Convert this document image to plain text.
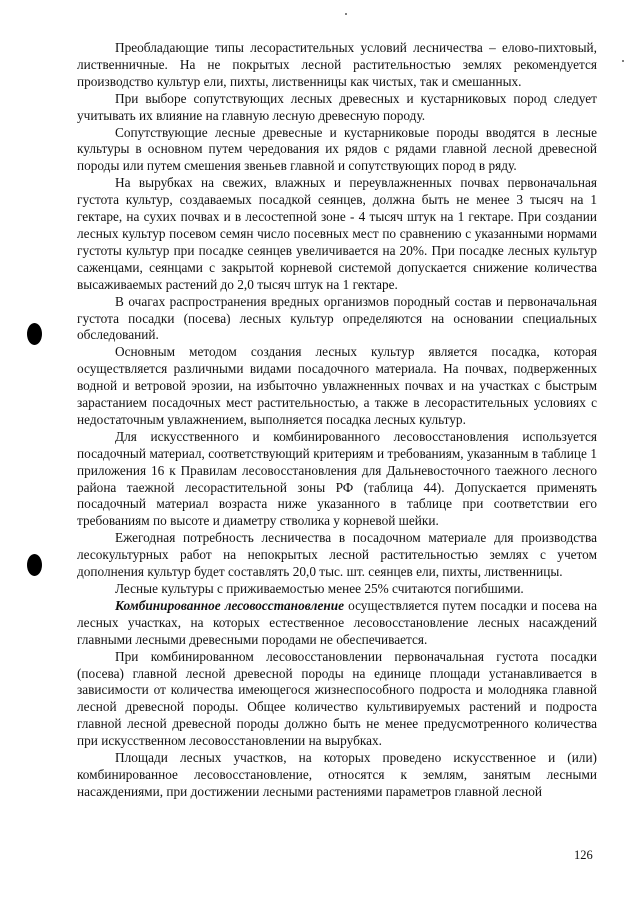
Преобладающие типы лесорастительных условий лесничества – елово-пихтовый, лиственничные. На не покрытых лесной растительностью землях рекомендуется производство культур ели, пихты, лиственницы как чистых, так и смешанных.

При выборе сопутствующих лесных древесных и кустарниковых пород следует учитывать их влияние на главную лесную древесную породу.

Сопутствующие лесные древесные и кустарниковые породы вводятся в лесные культуры в основном путем чередования их рядов с рядами главной лесной древесной породы или путем смешения звеньев главной и сопутствующих пород в ряду.

На вырубках на свежих, влажных и переувлажненных почвах первоначальная густота культур, создаваемых посадкой сеянцев, должна быть не менее 3 тысяч на 1 гектаре, на сухих почвах и в лесостепной зоне - 4 тысяч штук на 1 гектаре. При создании лесных культур посевом семян число посевных мест по сравнению с указанными нормами густоты культур при посадке сеянцев увеличивается на 20%. При посадке лесных культур саженцами, сеянцами с закрытой корневой системой допускается снижение количества высаживаемых растений до 2,0 тысяч штук на 1 гектаре.

В очагах распространения вредных организмов породный состав и первоначальная густота посадки (посева) лесных культур определяются на основании специальных обследований.

Основным методом создания лесных культур является посадка, которая осуществляется различными видами посадочного материала. На почвах, подверженных водной и ветровой эрозии, на избыточно увлажненных почвах и на участках с быстрым зарастанием посадочных мест растительностью, а также в лесорастительных условиях с недостаточным увлажнением, выполняется посадка лесных культур.

Для искусственного и комбинированного лесовосстановления используется посадочный материал, соответствующий критериям и требованиям, указанным в таблице 1 приложения 16 к Правилам лесовосстановления для Дальневосточного таежного лесного района таежной лесорастительной зоны РФ (таблица 44). Допускается применять посадочный материал возраста ниже указанного в таблице при соответствии его требованиям по высоте и диаметру стволика у корневой шейки.

Ежегодная потребность лесничества в посадочном материале для производства лесокультурных работ на непокрытых лесной растительностью землях с учетом дополнения культур будет составлять 20,0 тыс. шт. сеянцев ели, пихты, лиственницы.

Лесные культуры с приживаемостью менее 25% считаются погибшими.

Комбинированное лесовосстановление осуществляется путем посадки и посева на лесных участках, на которых естественное лесовосстановление лесных насаждений главными лесными древесными породами не обеспечивается.

При комбинированном лесовосстановлении первоначальная густота посадки (посева) главной лесной древесной породы на единице площади устанавливается в зависимости от количества имеющегося жизнеспособного подроста и молодняка главной лесной древесной породы. Общее количество культивируемых растений и подроста главной лесной древесной породы должно быть не менее предусмотренного количества при искусственном лесовосстановлении на вырубках.

Площади лесных участков, на которых проведено искусственное и (или) комбинированное лесовосстановление, относятся к землям, занятым лесными насаждениями, при достижении лесными растениями параметров главной лесной

126
